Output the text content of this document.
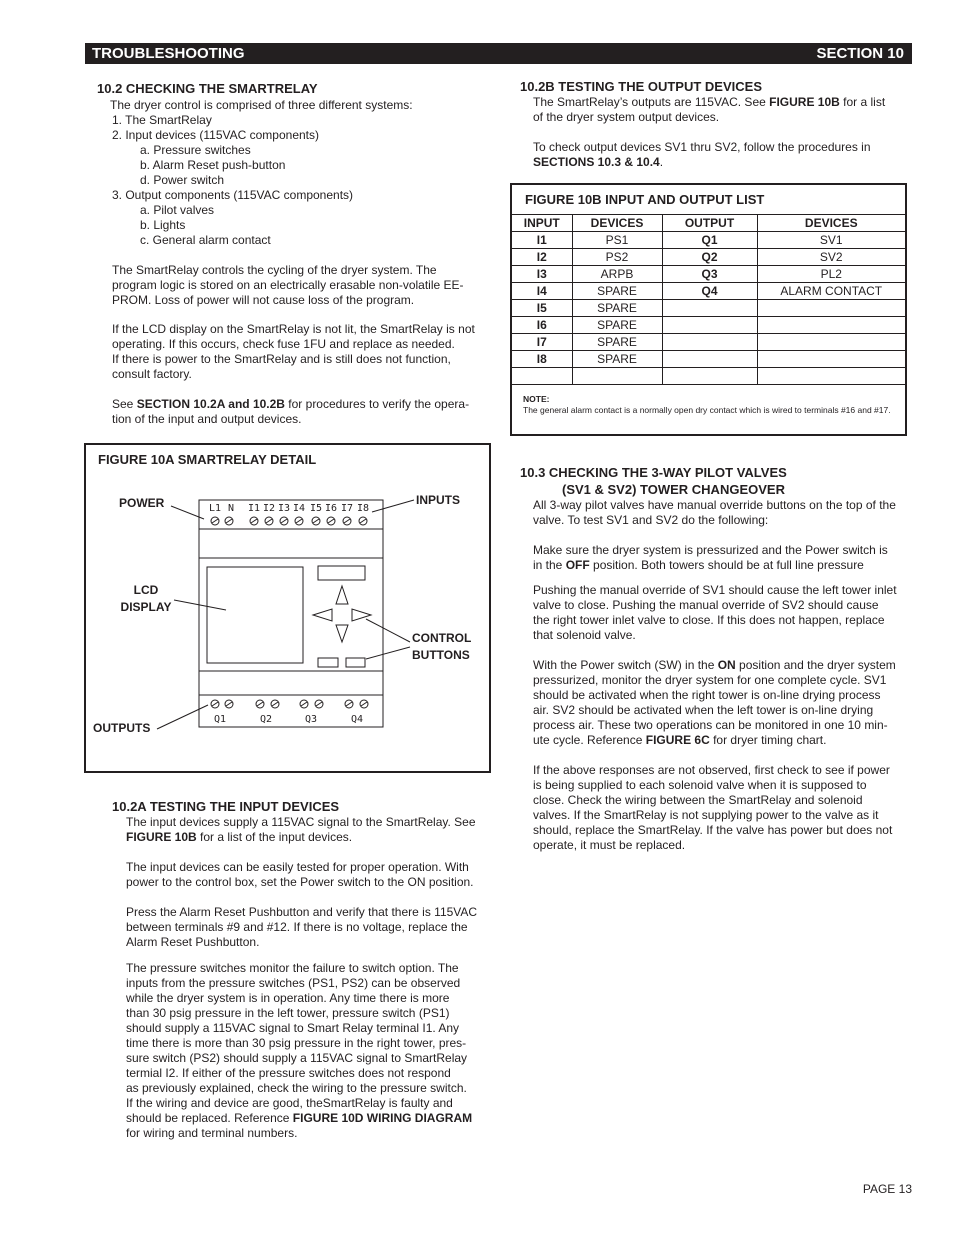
TROUBLESHOOTING	SECTION 10
10.2 CHECKING THE SMARTRELAY
The dryer control is comprised of three different systems:
1. The SmartRelay
2. Input devices (115VAC components)
a. Pressure switches
b. Alarm Reset push-button
d. Power switch
3. Output components (115VAC components)
a. Pilot valves
b. Lights
c. General alarm contact
The SmartRelay controls the cycling of the dryer system. The
program logic is stored on an electrically erasable non-volatile EE-
PROM. Loss of power will not cause loss of the program.
If the LCD display on the SmartRelay is not lit, the SmartRelay is not
operating. If this occurs, check fuse 1FU and replace as needed.
If there is power to the SmartRelay and is still does not function,
consult factory.
See SECTION 10.2A and 10.2B for procedures to verify the opera-
tion of the input and output devices.
FIGURE 10A SMARTRELAY DETAIL
POWER	INPUTS
LCD
DISPLAY
CONTROL
BUTTONS
OUTPUTS
L1 N I1 I2 I3 I4 I5 I6 I7 I8
Q1	Q2	Q3	Q4
10.2A TESTING THE INPUT DEVICES
The input devices supply a 115VAC signal to the SmartRelay. See
FIGURE 10B for a list of the input devices.
The input devices can be easily tested for proper operation. With
power to the control box, set the Power switch to the ON position.
Press the Alarm Reset Pushbutton and verify that there is 115VAC
between terminals #9 and #12. If there is no voltage, replace the
Alarm Reset Pushbutton.
The pressure switches monitor the failure to switch option. The
inputs from the pressure switches (PS1, PS2) can be observed
while the dryer system is in operation. Any time there is more
than 30 psig pressure in the left tower, pressure switch (PS1)
should supply a 115VAC signal to Smart Relay terminal I1. Any
time there is more than 30 psig pressure in the right tower, pres-
sure switch (PS2) should supply a 115VAC signal to SmartRelay
termial I2. If either of the pressure switches does not respond
as previously explained, check the wiring to the pressure switch.
If the wiring and device are good, theSmartRelay is faulty and
should be replaced. Reference FIGURE 10D WIRING DIAGRAM
for wiring and terminal numbers.
10.2B TESTING THE OUTPUT DEVICES
The SmartRelay’s outputs are 115VAC. See FIGURE 10B for a list
of the dryer system output devices.
To check output devices SV1 thru SV2, follow the procedures in
SECTIONS 10.3 & 10.4.
FIGURE 10B INPUT AND OUTPUT LIST
INPUT	DEVICES	OUTPUT	DEVICES
I1	PS1	Q1	SV1
I2	PS2	Q2	SV2
I3	ARPB	Q3	PL2
I4	SPARE	Q4	ALARM CONTACT
I5	SPARE		
I6	SPARE		
I7	SPARE		
I8	SPARE		

NOTE:
The general alarm contact is a normally open dry contact which is wired to terminals #16 and #17.
10.3 CHECKING THE 3-WAY PILOT VALVES
(SV1 & SV2) TOWER CHANGEOVER
All 3-way pilot valves have manual override buttons on the top of the
valve. To test SV1 and SV2 do the following:
Make sure the dryer system is pressurized and the Power switch is
in the OFF position. Both towers should be at full line pressure
Pushing the manual override of SV1 should cause the left tower inlet
valve to close. Pushing the manual override of SV2 should cause
the right tower inlet valve to close. If this does not happen, replace
that solenoid valve.
With the Power switch (SW) in the ON position and the dryer system
pressurized, monitor the dryer system for one complete cycle. SV1
should be activated when the right tower is on-line drying process
air. SV2 should be activated when the left tower is on-line drying
process air. These two operations can be monitored in one 10 min-
ute cycle. Reference FIGURE 6C for dryer timing chart.
If the above responses are not observed, first check to see if power
is being supplied to each solenoid valve when it is supposed to
close. Check the wiring between the SmartRelay and solenoid
valves. If the SmartRelay is not supplying power to the valve as it
should, replace the SmartRelay. If the valve has power but does not
operate, it must be replaced.
PAGE 13
